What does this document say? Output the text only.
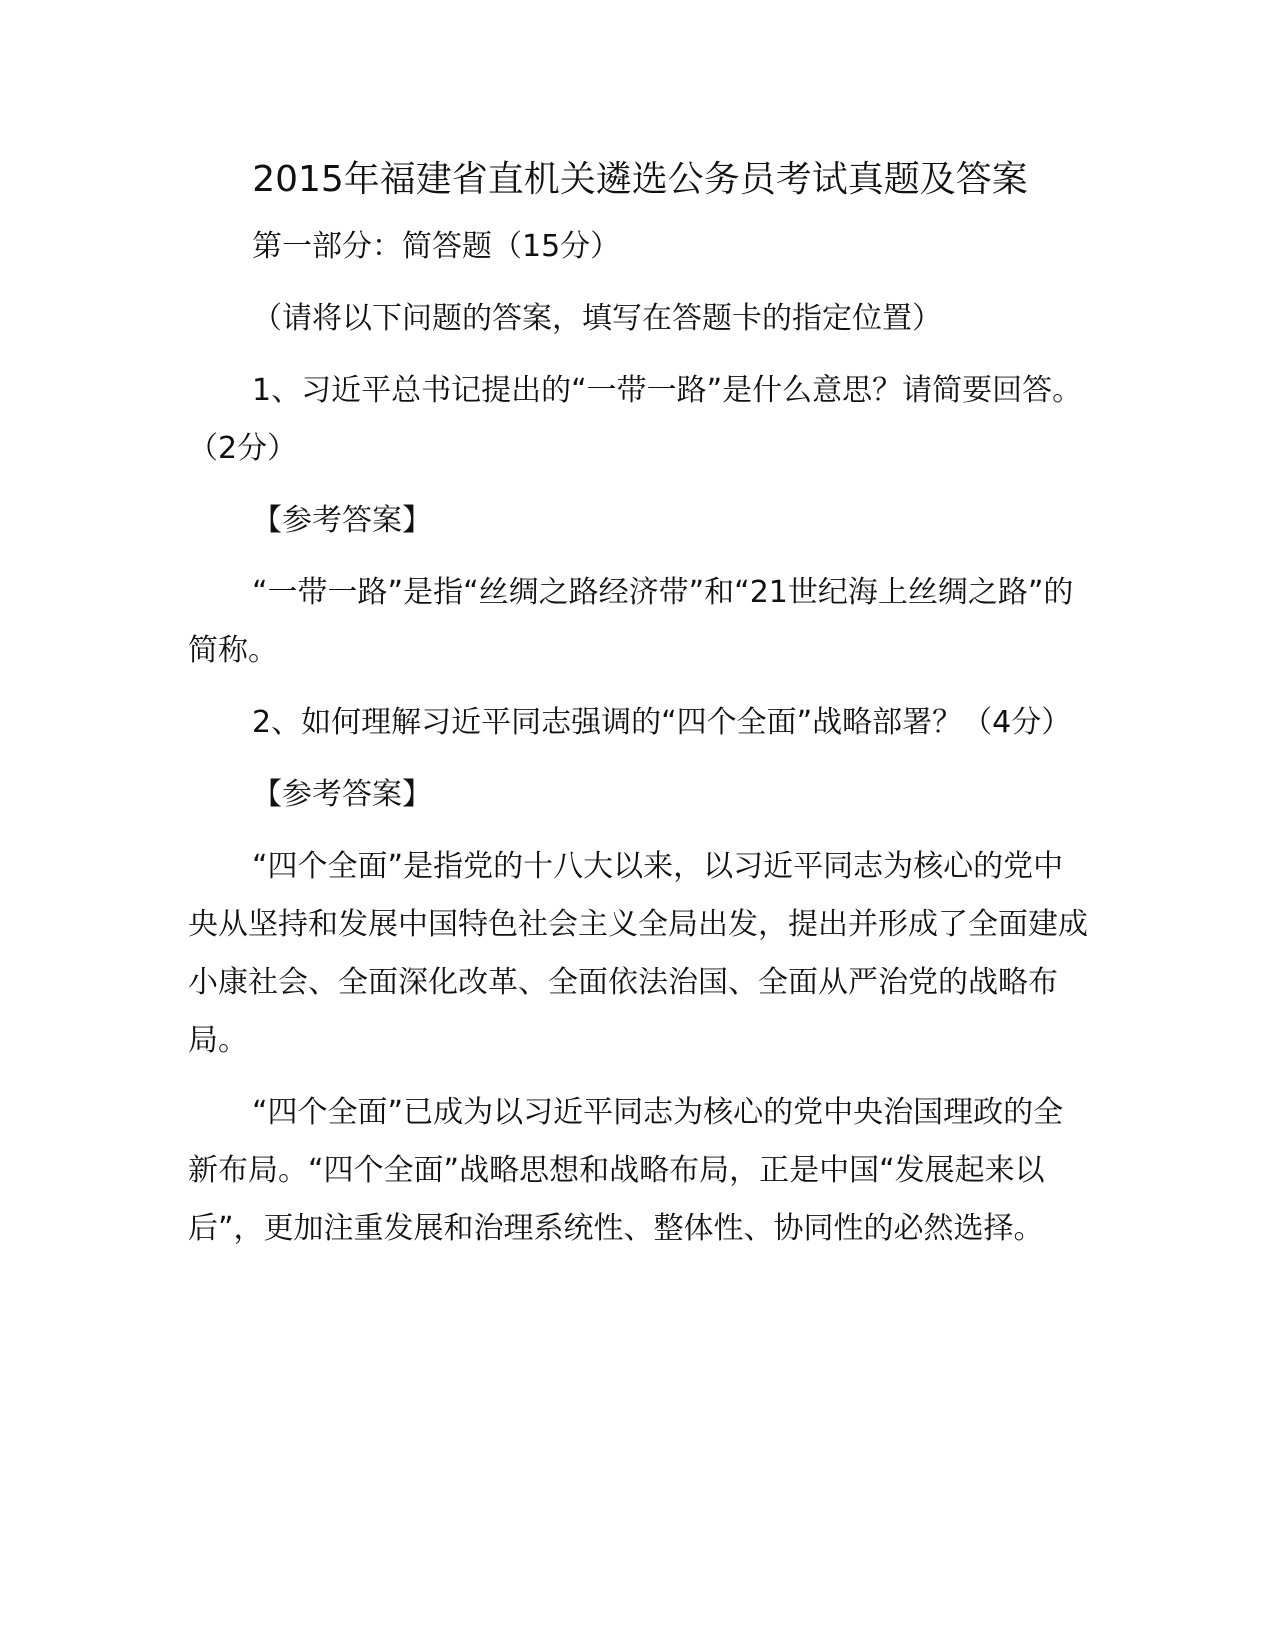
2015年福建省直机关遴选公务员考试真题及答案

第一部分：简答题（15分）

（请将以下问题的答案，填写在答题卡的指定位置）

1、习近平总书记提出的“一带一路”是什么意思？请简要回答。（2分）

【参考答案】

“一带一路”是指“丝绸之路经济带”和“21世纪海上丝绸之路”的简称。

2、如何理解习近平同志强调的“四个全面”战略部署？（4分）

【参考答案】

“四个全面”是指党的十八大以来，以习近平同志为核心的党中央从坚持和发展中国特色社会主义全局出发，提出并形成了全面建成小康社会、全面深化改革、全面依法治国、全面从严治党的战略布局。

“四个全面”已成为以习近平同志为核心的党中央治国理政的全新布局。“四个全面”战略思想和战略布局，正是中国“发展起来以后”，更加注重发展和治理系统性、整体性、协同性的必然选择。
